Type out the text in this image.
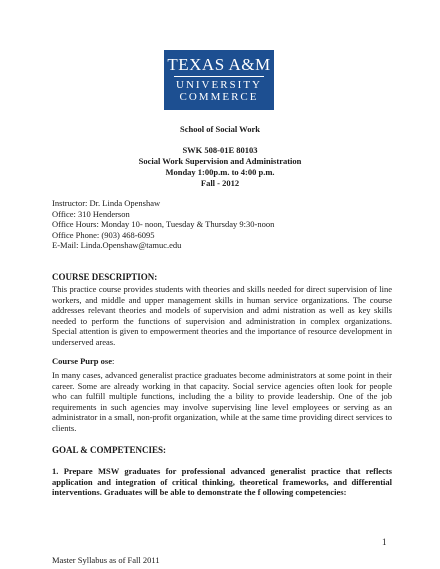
TEXAS A&M
UNIVERSITY
COMMERCE
School of Social Work
SWK 508-01E 80103
Social Work Supervision and Administration
Monday 1:00p.m. to 4:00 p.m.
Fall - 2012
Instructor: Dr. Linda Openshaw
Office: 310 Henderson
Office Hours: Monday 10- noon, Tuesday & Thursday 9:30-noon
Office Phone: (903) 468-6095
E-Mail: Linda.Openshaw@tamuc.edu
COURSE DESCRIPTION:
This practice course provides students with theories and skills needed for direct supervision of line workers, and middle and upper management skills in human service organizations. The course addresses relevant theories and models of supervision and admi nistration as well as key skills needed to perform the functions of supervision and administration in complex organizations. Special attention is given to empowerment theories and the importance of resource development in underserved areas.
Course Purp ose:
In many cases, advanced generalist practice graduates become administrators at some point in their career. Some are already working in that capacity. Social service agencies often look for people who can fulfill multiple functions, including the a bility to provide leadership. One of the job requirements in such agencies may involve supervising line level employees or serving as an administrator in a small, non-profit organization, while at the same time providing direct services to clients.
GOAL & COMPETENCIES:
1. Prepare MSW graduates for professional advanced generalist practice that reflects application and integration of critical thinking, theoretical frameworks, and differential interventions. Graduates will be able to demonstrate the f ollowing competencies:
Master Syllabus as of Fall 2011
1
